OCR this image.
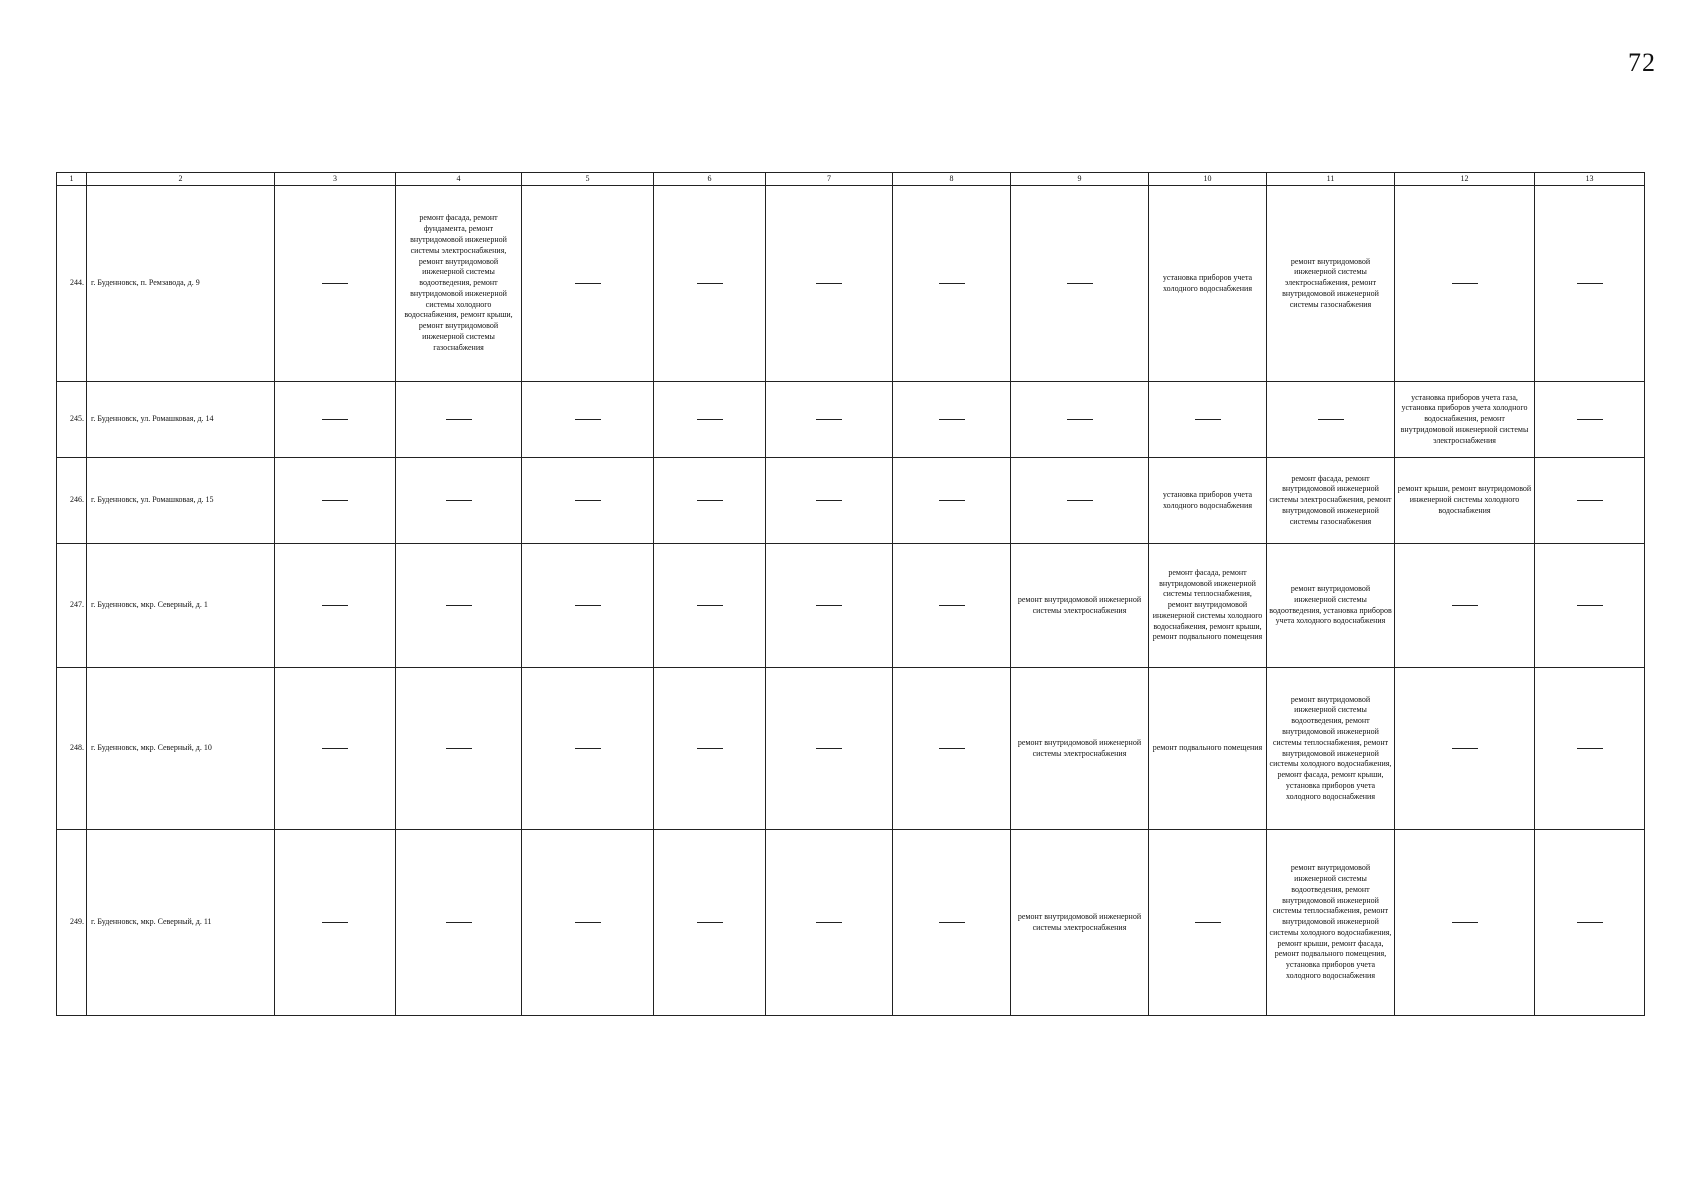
72
1	2	3	4	5	6	7	8	9	10	11	12	13
244.	г. Буденновск, п. Ремзавода, д. 9		ремонт фасада, ремонт фундамента, ремонт внутридомовой инженерной системы электроснабжения, ремонт внутридомовой инженерной системы водоотведения, ремонт внутридомовой инженерной системы холодного водоснабжения, ремонт крыши, ремонт внутридомовой инженерной системы газоснабжения						установка приборов учета холодного водоснабжения	ремонт внутридомовой инженерной системы электроснабжения, ремонт внутридомовой инженерной системы газоснабжения		
245.	г. Буденновск, ул. Ромашковая, д. 14										установка приборов учета газа, установка приборов учета холодного водоснабжения, ремонт внутридомовой инженерной системы электроснабжения	
246.	г. Буденновск, ул. Ромашковая, д. 15								установка приборов учета холодного водоснабжения	ремонт фасада, ремонт внутридомовой инженерной системы электроснабжения, ремонт внутридомовой инженерной системы газоснабжения	ремонт крыши, ремонт внутридомовой инженерной системы холодного водоснабжения	
247.	г. Буденновск, мкр. Северный, д. 1							ремонт внутридомовой инженерной системы электроснабжения	ремонт фасада, ремонт внутридомовой инженерной системы теплоснабжения, ремонт внутридомовой инженерной системы холодного водоснабжения, ремонт крыши, ремонт подвального помещения	ремонт внутридомовой инженерной системы водоотведения, установка приборов учета холодного водоснабжения		
248.	г. Буденновск, мкр. Северный, д. 10							ремонт внутридомовой инженерной системы электроснабжения	ремонт подвального помещения	ремонт внутридомовой инженерной системы водоотведения, ремонт внутридомовой инженерной системы теплоснабжения, ремонт внутридомовой инженерной системы холодного водоснабжения, ремонт фасада, ремонт крыши, установка приборов учета холодного водоснабжения		
249.	г. Буденновск, мкр. Северный, д. 11							ремонт внутридомовой инженерной системы электроснабжения		ремонт внутридомовой инженерной системы водоотведения, ремонт внутридомовой инженерной системы теплоснабжения, ремонт внутридомовой инженерной системы холодного водоснабжения, ремонт крыши, ремонт фасада, ремонт подвального помещения, установка приборов учета холодного водоснабжения		
